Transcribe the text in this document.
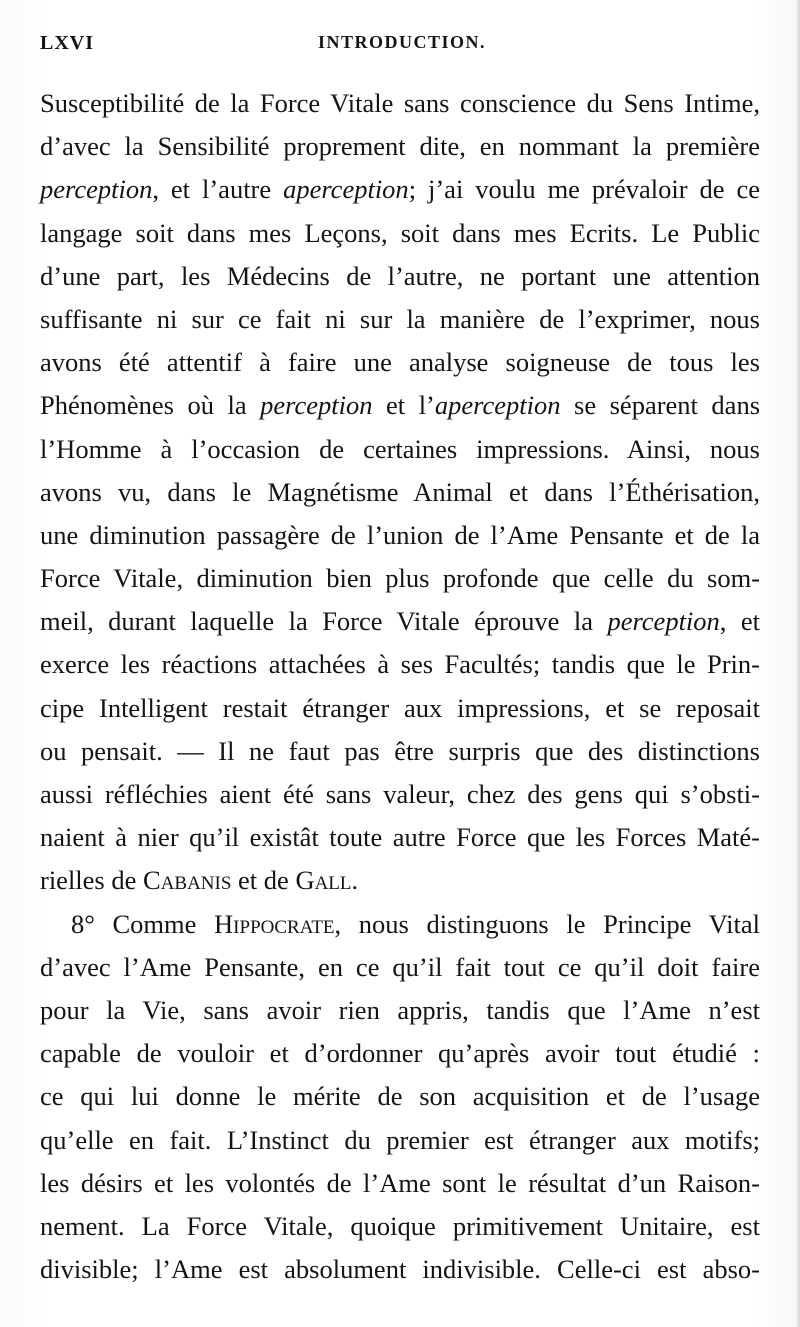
LXVI	INTRODUCTION.
Susceptibilité de la Force Vitale sans conscience du Sens Intime,
d’avec la Sensibilité proprement dite, en nommant la première
perception, et l’autre aperception; j’ai voulu me prévaloir de ce
langage soit dans mes Leçons, soit dans mes Ecrits. Le Public
d’une part, les Médecins de l’autre, ne portant une attention
suffisante ni sur ce fait ni sur la manière de l’exprimer, nous
avons été attentif à faire une analyse soigneuse de tous les
Phénomènes où la perception et l’aperception se séparent dans
l’Homme à l’occasion de certaines impressions. Ainsi, nous
avons vu, dans le Magnétisme Animal et dans l’Éthérisation,
une diminution passagère de l’union de l’Ame Pensante et de la
Force Vitale, diminution bien plus profonde que celle du som-
meil, durant laquelle la Force Vitale éprouve la perception, et
exerce les réactions attachées à ses Facultés; tandis que le Prin-
cipe Intelligent restait étranger aux impressions, et se reposait
ou pensait. — Il ne faut pas être surpris que des distinctions
aussi réfléchies aient été sans valeur, chez des gens qui s’obsti-
naient à nier qu’il existât toute autre Force que les Forces Maté-
rielles de Cabanis et de Gall.
8° Comme Hippocrate, nous distinguons le Principe Vital
d’avec l’Ame Pensante, en ce qu’il fait tout ce qu’il doit faire
pour la Vie, sans avoir rien appris, tandis que l’Ame n’est
capable de vouloir et d’ordonner qu’après avoir tout étudié :
ce qui lui donne le mérite de son acquisition et de l’usage
qu’elle en fait. L’Instinct du premier est étranger aux motifs;
les désirs et les volontés de l’Ame sont le résultat d’un Raison-
nement. La Force Vitale, quoique primitivement Unitaire, est
divisible; l’Ame est absolument indivisible. Celle-ci est abso-
